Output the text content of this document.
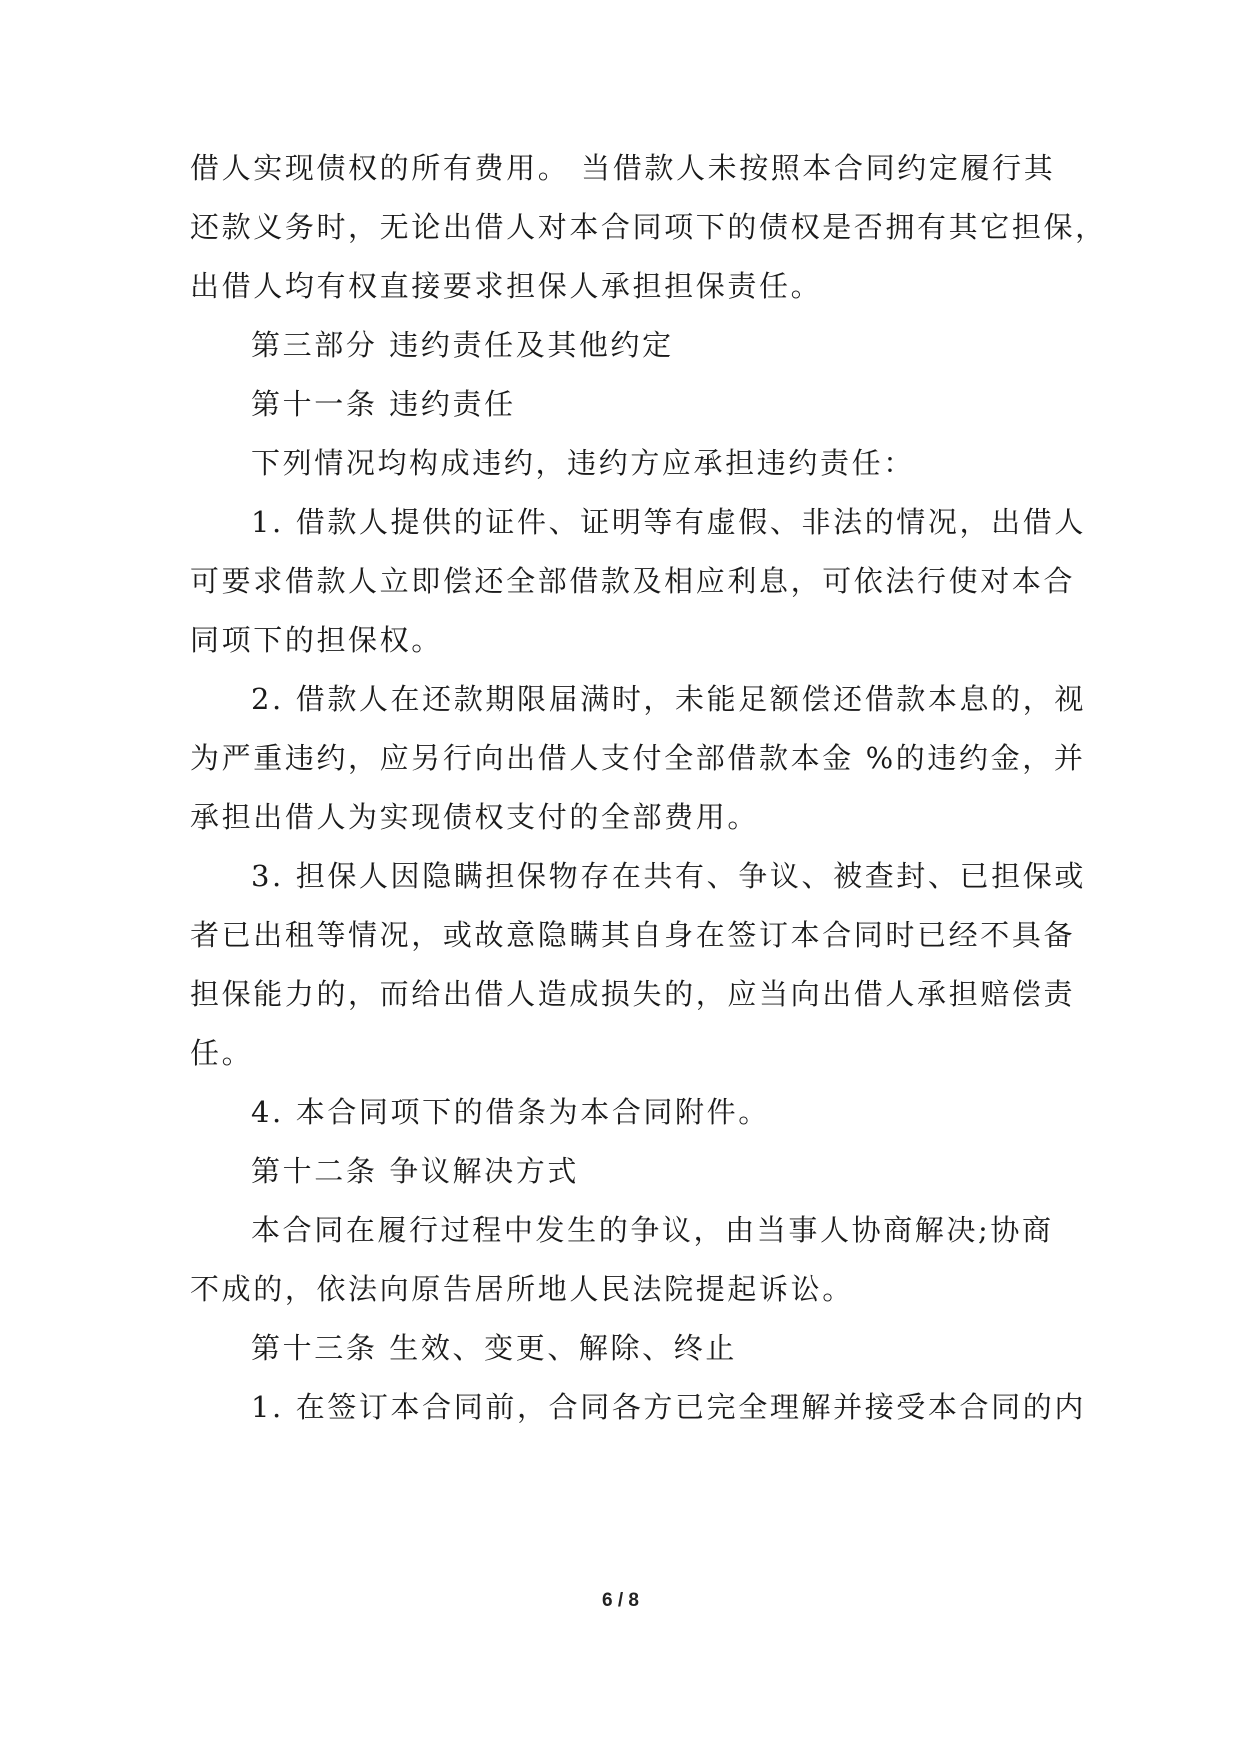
借人实现债权的所有费用。 当借款人未按照本合同约定履行其
还款义务时，无论出借人对本合同项下的债权是否拥有其它担保，
出借人均有权直接要求担保人承担担保责任。
第三部分 违约责任及其他约定
第十一条 违约责任
下列情况均构成违约，违约方应承担违约责任：
1. 借款人提供的证件、证明等有虚假、非法的情况，出借人
可要求借款人立即偿还全部借款及相应利息，可依法行使对本合
同项下的担保权。
2. 借款人在还款期限届满时，未能足额偿还借款本息的，视
为严重违约，应另行向出借人支付全部借款本金 %的违约金，并
承担出借人为实现债权支付的全部费用。
3. 担保人因隐瞒担保物存在共有、争议、被查封、已担保或
者已出租等情况，或故意隐瞒其自身在签订本合同时已经不具备
担保能力的，而给出借人造成损失的，应当向出借人承担赔偿责
任。
4. 本合同项下的借条为本合同附件。
第十二条 争议解决方式
本合同在履行过程中发生的争议，由当事人协商解决;协商
不成的，依法向原告居所地人民法院提起诉讼。
第十三条 生效、变更、解除、终止
1. 在签订本合同前，合同各方已完全理解并接受本合同的内
6 / 8
